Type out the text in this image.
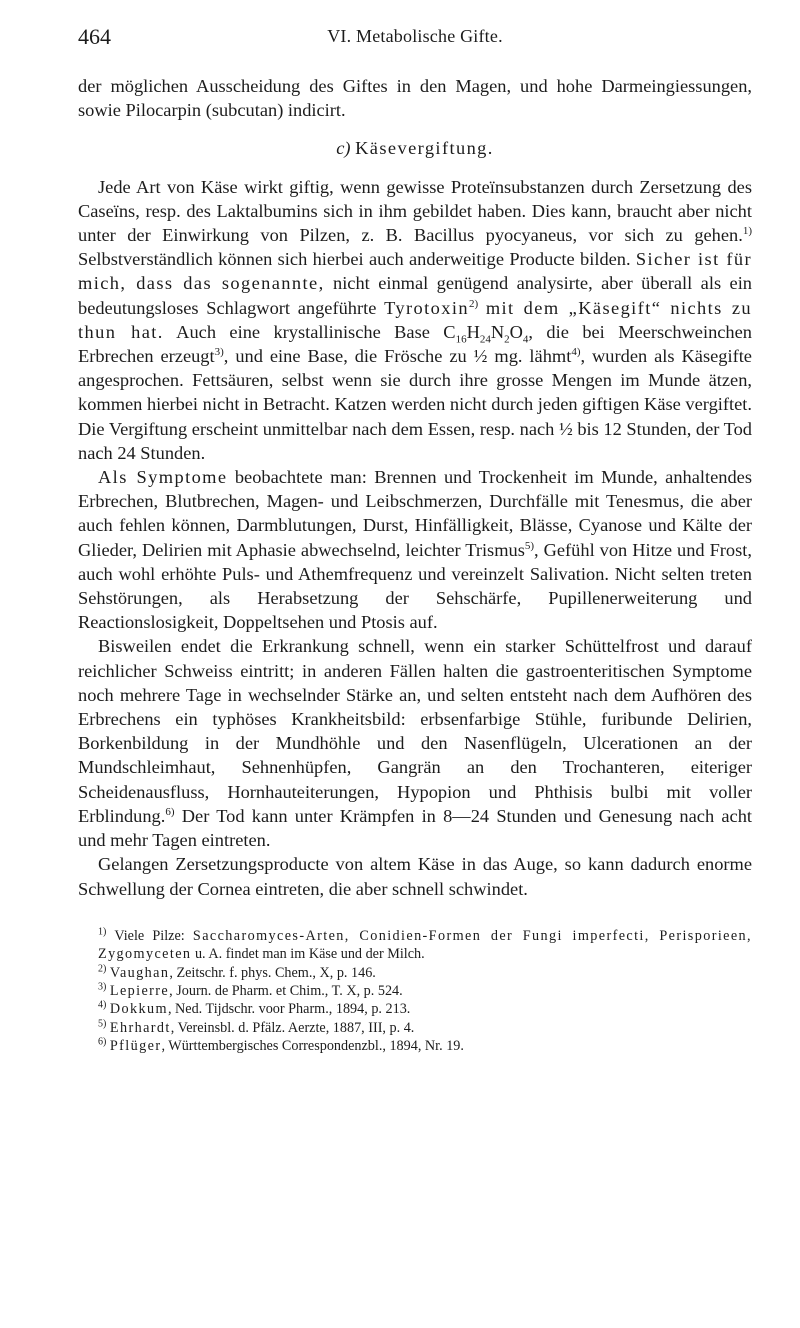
464	VI. Metabolische Gifte.

der möglichen Ausscheidung des Giftes in den Magen, und hohe Darmeingiessungen, sowie Pilocarpin (subcutan) indicirt.

c) Käsevergiftung.

Jede Art von Käse wirkt giftig, wenn gewisse Proteïnsubstanzen durch Zersetzung des Caseïns, resp. des Laktalbumins sich in ihm gebildet haben. Dies kann, braucht aber nicht unter der Einwirkung von Pilzen, z. B. Bacillus pyocyaneus, vor sich zu gehen.$^{1)}$ Selbstverständlich können sich hierbei auch anderweitige Producte bilden. Sicher ist für mich, dass das sogenannte, nicht einmal genügend analysirte, aber überall als ein bedeutungsloses Schlagwort angeführte Tyrotoxin$^{2)}$ mit dem „Käsegift“ nichts zu thun hat. Auch eine krystallinische Base $C_{16}H_{24}N_2O_4$, die bei Meerschweinchen Erbrechen erzeugt$^{3)}$, und eine Base, die Frösche zu ½ mg. lähmt$^{4)}$, wurden als Käsegifte angesprochen. Fettsäuren, selbst wenn sie durch ihre grosse Mengen im Munde ätzen, kommen hierbei nicht in Betracht. Katzen werden nicht durch jeden giftigen Käse vergiftet. Die Vergiftung erscheint unmittelbar nach dem Essen, resp. nach ½ bis 12 Stunden, der Tod nach 24 Stunden.

Als Symptome beobachtete man: Brennen und Trockenheit im Munde, anhaltendes Erbrechen, Blutbrechen, Magen- und Leibschmerzen, Durchfälle mit Tenesmus, die aber auch fehlen können, Darmblutungen, Durst, Hinfälligkeit, Blässe, Cyanose und Kälte der Glieder, Delirien mit Aphasie abwechselnd, leichter Trismus$^{5)}$, Gefühl von Hitze und Frost, auch wohl erhöhte Puls- und Athemfrequenz und vereinzelt Salivation. Nicht selten treten Sehstörungen, als Herabsetzung der Sehschärfe, Pupillenerweiterung und Reactionslosigkeit, Doppeltsehen und Ptosis auf.

Bisweilen endet die Erkrankung schnell, wenn ein starker Schüttelfrost und darauf reichlicher Schweiss eintritt; in anderen Fällen halten die gastroenteritischen Symptome noch mehrere Tage in wechselnder Stärke an, und selten entsteht nach dem Aufhören des Erbrechens ein typhöses Krankheitsbild: erbsenfarbige Stühle, furibunde Delirien, Borkenbildung in der Mundhöhle und den Nasenflügeln, Ulcerationen an der Mundschleimhaut, Sehnenhüpfen, Gangrän an den Trochanteren, eiteriger Scheidenausfluss, Hornhauteiterungen, Hypopion und Phthisis bulbi mit voller Erblindung.$^{6)}$ Der Tod kann unter Krämpfen in 8—24 Stunden und Genesung nach acht und mehr Tagen eintreten.

Gelangen Zersetzungsproducte von altem Käse in das Auge, so kann dadurch enorme Schwellung der Cornea eintreten, die aber schnell schwindet.

$^{1)}$ Viele Pilze: Saccharomyces-Arten, Conidien-Formen der Fungi imperfecti, Perisporieen, Zygomyceten u. A. findet man im Käse und der Milch.

$^{2)}$ Vaughan, Zeitschr. f. phys. Chem., X, p. 146.

$^{3)}$ Lepierre, Journ. de Pharm. et Chim., T. X, p. 524.

$^{4)}$ Dokkum, Ned. Tijdschr. voor Pharm., 1894, p. 213.

$^{5)}$ Ehrhardt, Vereinsbl. d. Pfälz. Aerzte, 1887, III, p. 4.

$^{6)}$ Pflüger, Württembergisches Correspondenzbl., 1894, Nr. 19.
